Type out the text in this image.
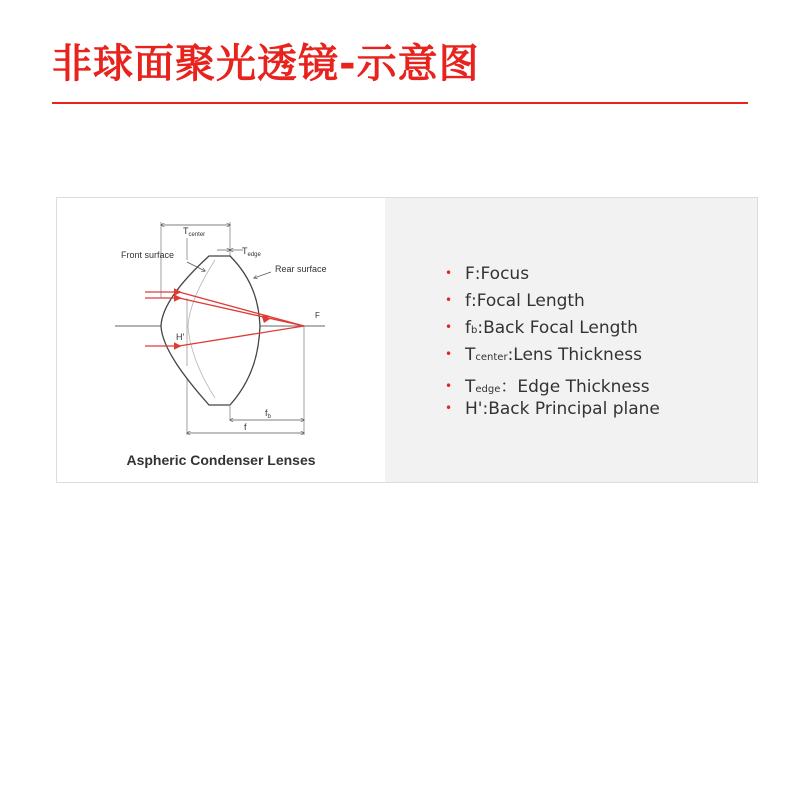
非球面聚光透镜-示意图
$T_{center}$
$T_{edge}$
Front surface
Rear surface
F
H'
$f_b$
f
Aspheric Condenser Lenses
• F :Focus
• f :Focal Length
• f b :Back Focal Length
• T center :Lens Thickness
• T edge ：Edge Thickness
• H' :Back Principal plane
